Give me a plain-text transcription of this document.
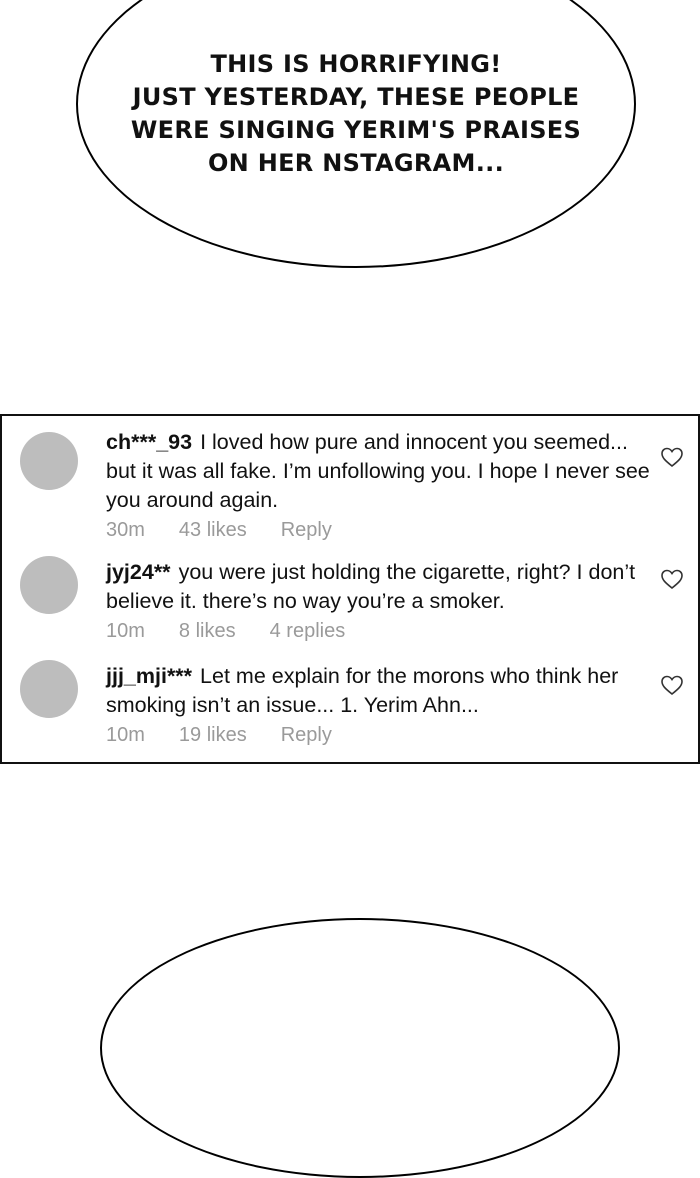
THIS IS HORRIFYING!
JUST YESTERDAY, THESE PEOPLE
WERE SINGING YERIM'S PRAISES
ON HER NSTAGRAM...
ch***_93 I loved how pure and innocent you seemed... but it was all fake. I’m unfollowing you. I hope I never see you around again.
30m 43 likes Reply
jyj24** you were just holding the cigarette, right? I don’t believe it. there’s no way you’re a smoker.
10m 8 likes 4 replies
jjj_mji*** Let me explain for the morons who think her smoking isn’t an issue... 1. Yerim Ahn...
10m 19 likes Reply
